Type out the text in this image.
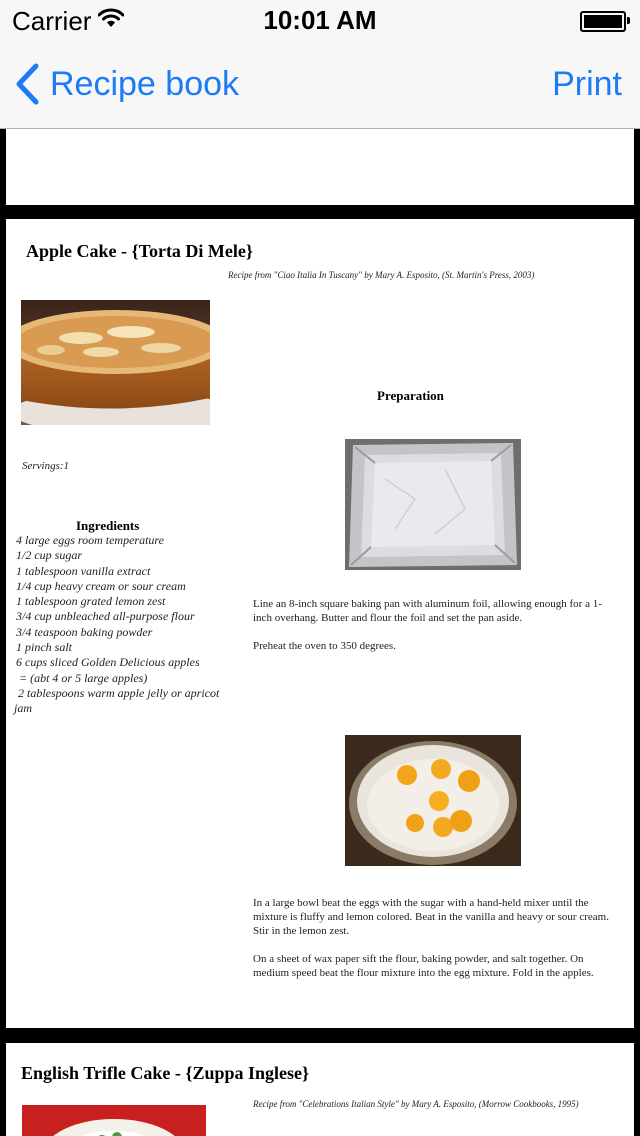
Carrier	10:01 AM
Recipe book	Print
Apple Cake - {Torta Di Mele}
Recipe from "Ciao Italia In Tuscany" by Mary A. Esposito, (St. Martin's Press, 2003)
Servings:1
Ingredients
4 large eggs room temperature
1/2 cup sugar
1 tablespoon vanilla extract
1/4 cup heavy cream or sour cream
1 tablespoon grated lemon zest
3/4 cup unbleached all-purpose flour
3/4 teaspoon baking powder
1 pinch salt
6 cups sliced Golden Delicious apples
= (abt 4 or 5 large apples)
2 tablespoons warm apple jelly or apricot
jam
Preparation

Line an 8-inch square baking pan with aluminum foil, allowing enough for a 1-inch overhang. Butter and flour the foil and set the pan aside.

Preheat the oven to 350 degrees.

In a large bowl beat the eggs with the sugar with a hand-held mixer until the mixture is fluffy and lemon colored. Beat in the vanilla and heavy or sour cream. Stir in the lemon zest.

On a sheet of wax paper sift the flour, baking powder, and salt together. On medium speed beat the flour mixture into the egg mixture. Fold in the apples.

English Trifle Cake - {Zuppa Inglese}
Recipe from "Celebrations Italian Style" by Mary A. Esposito, (Morrow Cookbooks, 1995)
